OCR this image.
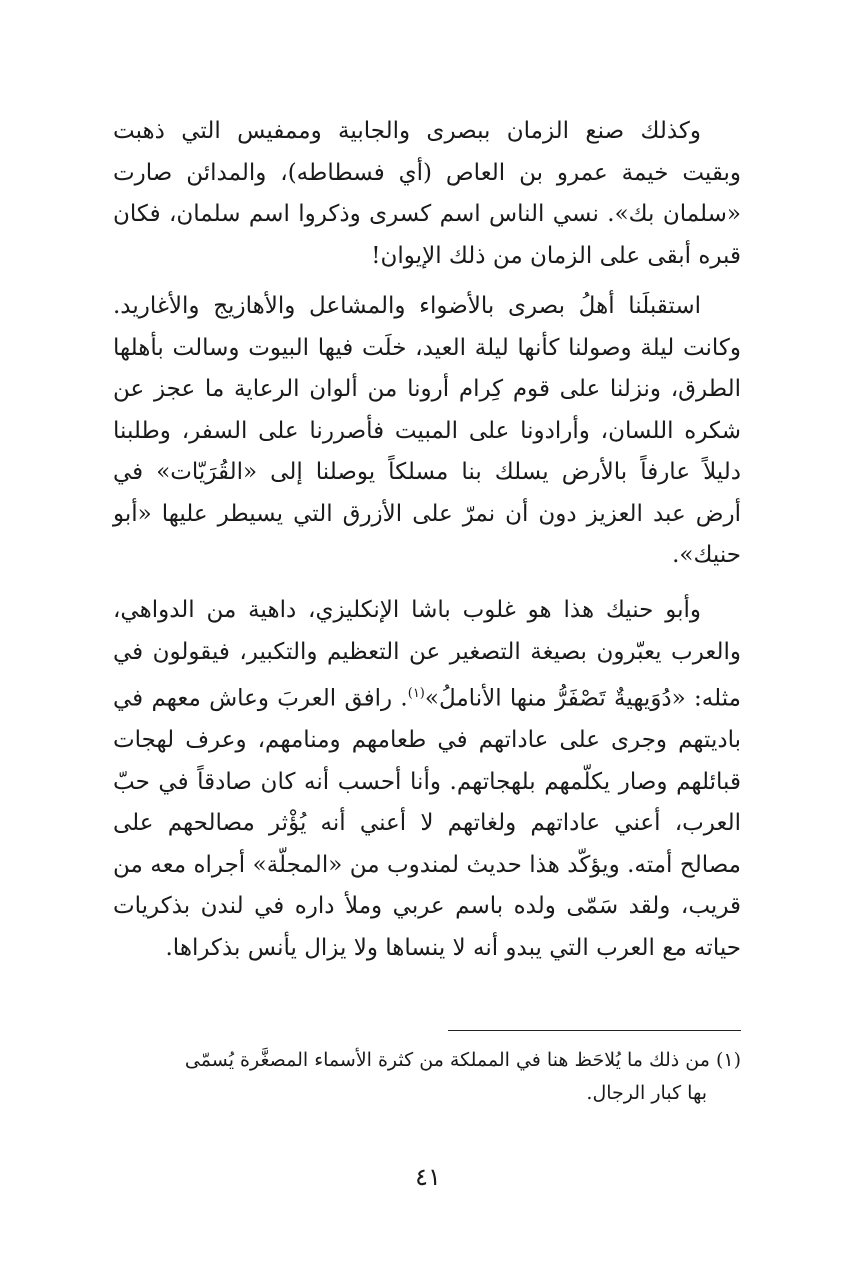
وكذلك صنع الزمان ببصرى والجابية وممفيس التي ذهبت وبقيت خيمة عمرو بن العاص (أي فسطاطه)، والمدائن صارت «سلمان بك». نسي الناس اسم كسرى وذكروا اسم سلمان، فكان قبره أبقى على الزمان من ذلك الإيوان!

استقبلَنا أهلُ بصرى بالأضواء والمشاعل والأهازيج والأغاريد. وكانت ليلة وصولنا كأنها ليلة العيد، خلَت فيها البيوت وسالت بأهلها الطرق، ونزلنا على قوم كِرام أرونا من ألوان الرعاية ما عجز عن شكره اللسان، وأرادونا على المبيت فأصررنا على السفر، وطلبنا دليلاً عارفاً بالأرض يسلك بنا مسلكاً يوصلنا إلى «القُرَيّات» في أرض عبد العزيز دون أن نمرّ على الأزرق التي يسيطر عليها «أبو حنيك».

وأبو حنيك هذا هو غلوب باشا الإنكليزي، داهية من الدواهي، والعرب يعبّرون بصيغة التصغير عن التعظيم والتكبير، فيقولون في مثله: «دُوَيهيةٌ تَصْفَرُّ منها الأناملُ»$^{(١)}$. رافق العربَ وعاش معهم في باديتهم وجرى على عاداتهم في طعامهم ومنامهم، وعرف لهجات قبائلهم وصار يكلّمهم بلهجاتهم. وأنا أحسب أنه كان صادقاً في حبّ العرب، أعني عاداتهم ولغاتهم لا أعني أنه يُؤْثر مصالحهم على مصالح أمته. ويؤكّد هذا حديث لمندوب من «المجلّة» أجراه معه من قريب، ولقد سَمّى ولده باسم عربي وملأ داره في لندن بذكريات حياته مع العرب التي يبدو أنه لا ينساها ولا يزال يأنس بذكراها.

(١) من ذلك ما يُلاحَظ هنا في المملكة من كثرة الأسماء المصغَّرة يُسمّى
بها كبار الرجال.
٤١
